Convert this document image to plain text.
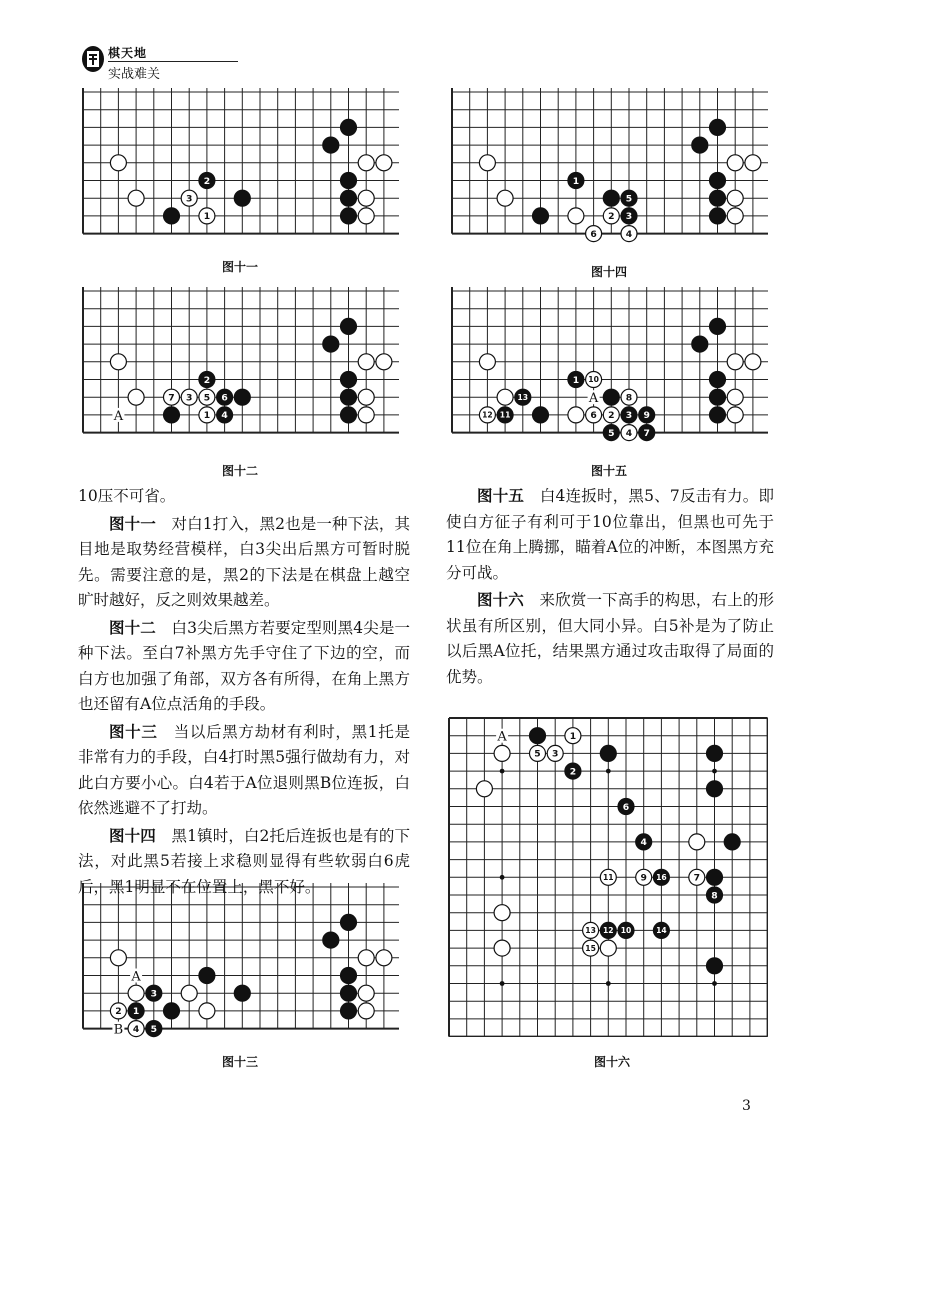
棋天地
实战难关
3
2
1
图十一
A
7 3 5
2
6
1 4
图十二
1
5
2 3
6	4
图十四
A
13
12 11
1 10
8
6 2 3 9
5 4 7
图十五
A
B
3
2 1
4 5
图十三
A	1
5 3
2
6
4
11	9 16	7
8
13 12 10	14
15
图十六

10压不可省。

图十一　对白1打入，黑2也是一种下法，其目地是取势经营模样，白3尖出后黑方可暂时脱先。需要注意的是，黑2的下法是在棋盘上越空旷时越好，反之则效果越差。

图十二　白3尖后黑方若要定型则黑4尖是一种下法。至白7补黑方先手守住了下边的空，而白方也加强了角部，双方各有所得，在角上黑方也还留有A位点活角的手段。

图十三　当以后黑方劫材有利时，黑1托是非常有力的手段，白4打时黑5强行做劫有力，对此白方要小心。白4若于A位退则黑B位连扳，白依然逃避不了打劫。

图十四　黑1镇时，白2托后连扳也是有的下法，对此黑5若接上求稳则显得有些软弱白6虎后，黑1明显不在位置上，黑不好。

图十五　白4连扳时，黑5、7反击有力。即使白方征子有利可于10位靠出，但黑也可先于11位在角上腾挪，瞄着A位的冲断，本图黑方充分可战。

图十六　来欣赏一下高手的构思，右上的形状虽有所区别，但大同小异。白5补是为了防止以后黑A位托，结果黑方通过攻击取得了局面的优势。

3
